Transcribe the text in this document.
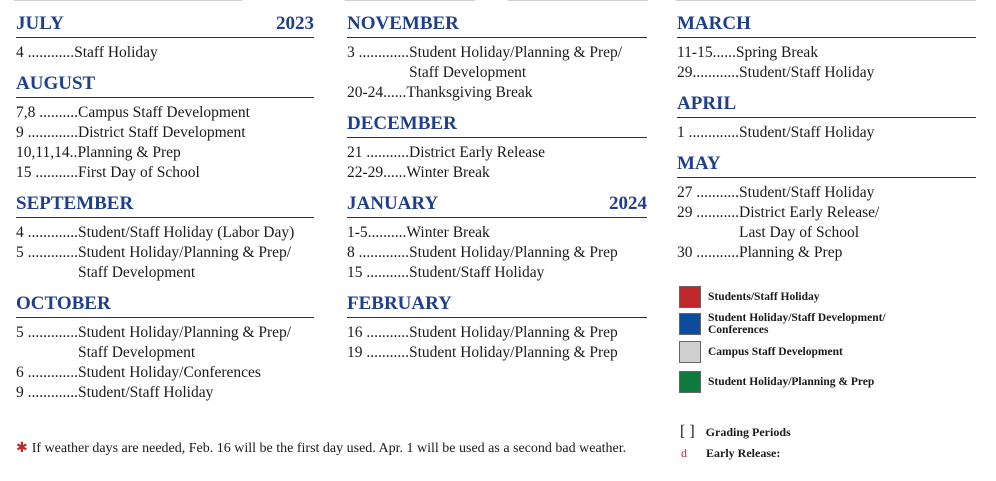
JULY	2023
4 ............ Staff Holiday
AUGUST
7,8 .......... Campus Staff Development
9 ............. District Staff Development
10,11,14.. Planning & Prep
15 ........... First Day of School
SEPTEMBER
4 ............. Student/Staff Holiday (Labor Day)
5 ............. Student Holiday/Planning & Prep/
Staff Development
OCTOBER
5 ............. Student Holiday/Planning & Prep/
Staff Development
6 ............. Student Holiday/Conferences
9 ............. Student/Staff Holiday
NOVEMBER
3 ............. Student Holiday/Planning & Prep/
Staff Development
20-24...... Thanksgiving Break
DECEMBER
21 ........... District Early Release
22-29...... Winter Break
JANUARY	2024
1-5.......... Winter Break
8 ............. Student Holiday/Planning & Prep
15 ........... Student/Staff Holiday
FEBRUARY
16 ........... Student Holiday/Planning & Prep
19 ........... Student Holiday/Planning & Prep
MARCH
11-15...... Spring Break
29............ Student/Staff Holiday
APRIL
1 ............. Student/Staff Holiday
MAY
27 ........... Student/Staff Holiday
29 ........... District Early Release/
Last Day of School
30 ........... Planning & Prep
Students/Staff Holiday
Student Holiday/Staff Development/ Conferences
Campus Staff Development
Student Holiday/Planning & Prep
[ ] Grading Periods
d Early Release:
✱ If weather days are needed, Feb. 16 will be the first day used. Apr. 1 will be used as a second bad weather.
